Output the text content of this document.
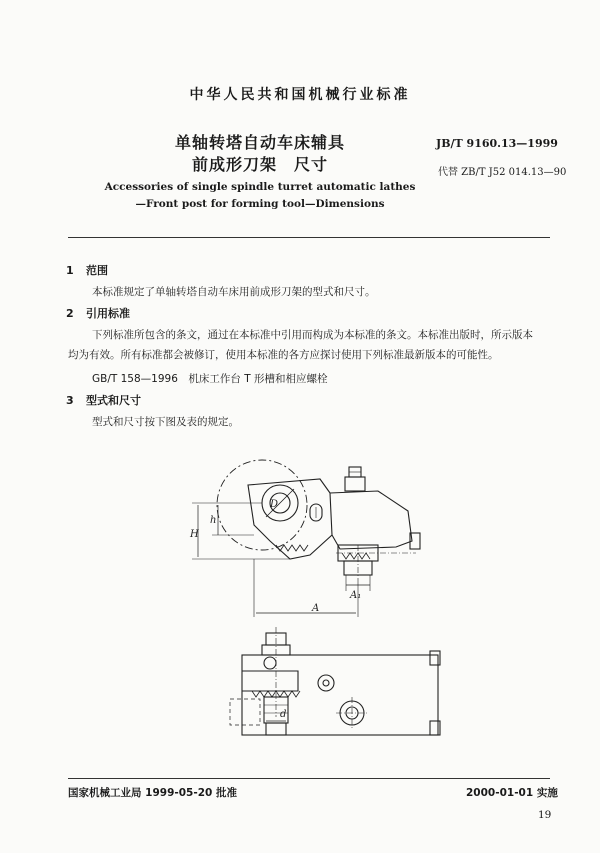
中华人民共和国机械行业标准
单轴转塔自动车床辅具
前成形刀架　尺寸
JB/T 9160.13—1999
代替 ZB/T J52 014.13—90
Accessories of single spindle turret automatic lathes
—Front post for forming tool—Dimensions
1 范围
本标准规定了单轴转塔自动车床用前成形刀架的型式和尺寸。
2 引用标准
下列标准所包含的条文，通过在本标准中引用而构成为本标准的条文。本标准出版时，所示版本
均为有效。所有标准都会被修订，使用本标准的各方应探讨使用下列标准最新版本的可能性。
GB/T 158—1996　机床工作台 T 形槽和相应螺栓
3 型式和尺寸
型式和尺寸按下图及表的规定。
D
h
H
A
A₁
d
国家机械工业局 1999-05-20 批准	2000-01-01 实施
19
